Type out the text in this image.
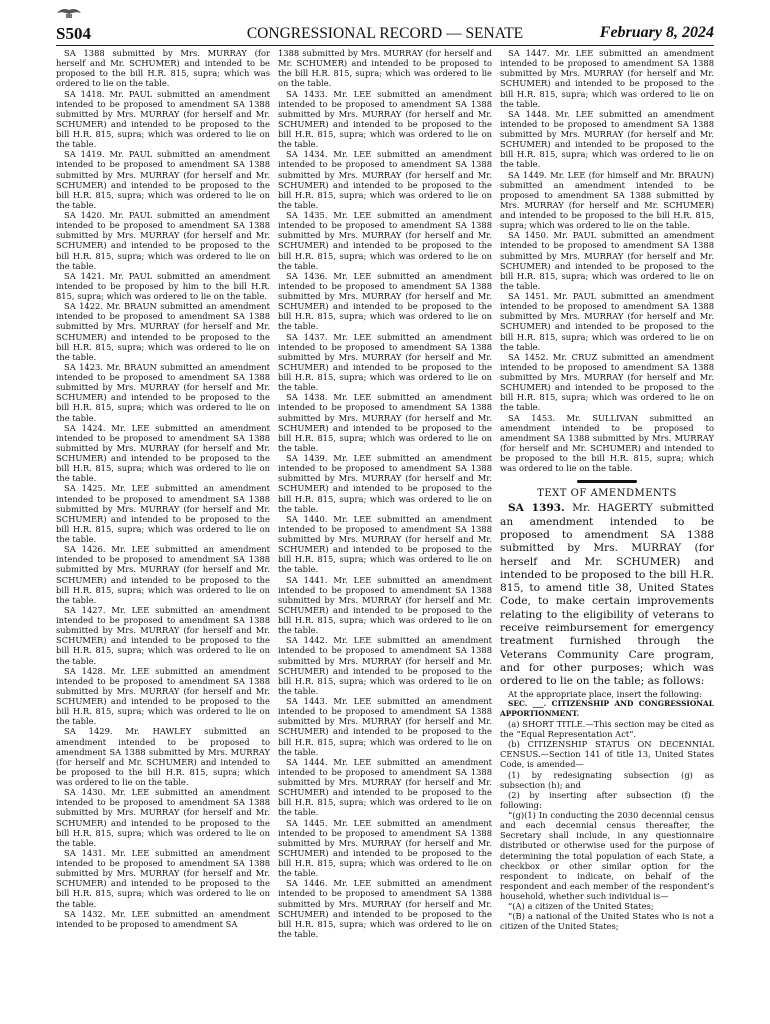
S504	CONGRESSIONAL RECORD — SENATE	February 8, 2024

SA 1388 submitted by Mrs. MURRAY (for herself and Mr. SCHUMER) and intended to be proposed to the bill H.R. 815, supra; which was ordered to lie on the table.

SA 1418. Mr. PAUL submitted an amendment intended to be proposed to amendment SA 1388 submitted by Mrs. MURRAY (for herself and Mr. SCHUMER) and intended to be proposed to the bill H.R. 815, supra; which was ordered to lie on the table.

SA 1419. Mr. PAUL submitted an amendment intended to be proposed to amendment SA 1388 submitted by Mrs. MURRAY (for herself and Mr. SCHUMER) and intended to be proposed to the bill H.R. 815, supra; which was ordered to lie on the table.

SA 1420. Mr. PAUL submitted an amendment intended to be proposed to amendment SA 1388 submitted by Mrs. MURRAY (for herself and Mr. SCHUMER) and intended to be proposed to the bill H.R. 815, supra; which was ordered to lie on the table.

SA 1421. Mr. PAUL submitted an amendment intended to be proposed by him to the bill H.R. 815, supra; which was ordered to lie on the table.

SA 1422. Mr. BRAUN submitted an amendment intended to be proposed to amendment SA 1388 submitted by Mrs. MURRAY (for herself and Mr. SCHUMER) and intended to be proposed to the bill H.R. 815, supra; which was ordered to lie on the table.

SA 1423. Mr. BRAUN submitted an amendment intended to be proposed to amendment SA 1388 submitted by Mrs. MURRAY (for herself and Mr. SCHUMER) and intended to be proposed to the bill H.R. 815, supra; which was ordered to lie on the table.

SA 1424. Mr. LEE submitted an amendment intended to be proposed to amendment SA 1388 submitted by Mrs. MURRAY (for herself and Mr. SCHUMER) and intended to be proposed to the bill H.R. 815, supra; which was ordered to lie on the table.

SA 1425. Mr. LEE submitted an amendment intended to be proposed to amendment SA 1388 submitted by Mrs. MURRAY (for herself and Mr. SCHUMER) and intended to be proposed to the bill H.R. 815, supra; which was ordered to lie on the table.

SA 1426. Mr. LEE submitted an amendment intended to be proposed to amendment SA 1388 submitted by Mrs. MURRAY (for herself and Mr. SCHUMER) and intended to be proposed to the bill H.R. 815, supra; which was ordered to lie on the table.

SA 1427. Mr. LEE submitted an amendment intended to be proposed to amendment SA 1388 submitted by Mrs. MURRAY (for herself and Mr. SCHUMER) and intended to be proposed to the bill H.R. 815, supra; which was ordered to lie on the table.

SA 1428. Mr. LEE submitted an amendment intended to be proposed to amendment SA 1388 submitted by Mrs. MURRAY (for herself and Mr. SCHUMER) and intended to be proposed to the bill H.R. 815, supra; which was ordered to lie on the table.

SA 1429. Mr. HAWLEY submitted an amendment intended to be proposed to amendment SA 1388 submitted by Mrs. MURRAY (for herself and Mr. SCHUMER) and intended to be proposed to the bill H.R. 815, supra; which was ordered to lie on the table.

SA 1430. Mr. LEE submitted an amendment intended to be proposed to amendment SA 1388 submitted by Mrs. MURRAY (for herself and Mr. SCHUMER) and intended to be proposed to the bill H.R. 815, supra; which was ordered to lie on the table.

SA 1431. Mr. LEE submitted an amendment intended to be proposed to amendment SA 1388 submitted by Mrs. MURRAY (for herself and Mr. SCHUMER) and intended to be proposed to the bill H.R. 815, supra; which was ordered to lie on the table.

SA 1432. Mr. LEE submitted an amendment intended to be proposed to amendment SA

1388 submitted by Mrs. MURRAY (for herself and Mr. SCHUMER) and intended to be proposed to the bill H.R. 815, supra; which was ordered to lie on the table.

SA 1433. Mr. LEE submitted an amendment intended to be proposed to amendment SA 1388 submitted by Mrs. MURRAY (for herself and Mr. SCHUMER) and intended to be proposed to the bill H.R. 815, supra; which was ordered to lie on the table.

SA 1434. Mr. LEE submitted an amendment intended to be proposed to amendment SA 1388 submitted by Mrs. MURRAY (for herself and Mr. SCHUMER) and intended to be proposed to the bill H.R. 815, supra; which was ordered to lie on the table.

SA 1435. Mr. LEE submitted an amendment intended to be proposed to amendment SA 1388 submitted by Mrs. MURRAY (for herself and Mr. SCHUMER) and intended to be proposed to the bill H.R. 815, supra; which was ordered to lie on the table.

SA 1436. Mr. LEE submitted an amendment intended to be proposed to amendment SA 1388 submitted by Mrs. MURRAY (for herself and Mr. SCHUMER) and intended to be proposed to the bill H.R. 815, supra; which was ordered to lie on the table.

SA 1437. Mr. LEE submitted an amendment intended to be proposed to amendment SA 1388 submitted by Mrs. MURRAY (for herself and Mr. SCHUMER) and intended to be proposed to the bill H.R. 815, supra; which was ordered to lie on the table.

SA 1438. Mr. LEE submitted an amendment intended to be proposed to amendment SA 1388 submitted by Mrs. MURRAY (for herself and Mr. SCHUMER) and intended to be proposed to the bill H.R. 815, supra; which was ordered to lie on the table.

SA 1439. Mr. LEE submitted an amendment intended to be proposed to amendment SA 1388 submitted by Mrs. MURRAY (for herself and Mr. SCHUMER) and intended to be proposed to the bill H.R. 815, supra; which was ordered to lie on the table.

SA 1440. Mr. LEE submitted an amendment intended to be proposed to amendment SA 1388 submitted by Mrs. MURRAY (for herself and Mr. SCHUMER) and intended to be proposed to the bill H.R. 815, supra; which was ordered to lie on the table.

SA 1441. Mr. LEE submitted an amendment intended to be proposed to amendment SA 1388 submitted by Mrs. MURRAY (for herself and Mr. SCHUMER) and intended to be proposed to the bill H.R. 815, supra; which was ordered to lie on the table.

SA 1442. Mr. LEE submitted an amendment intended to be proposed to amendment SA 1388 submitted by Mrs. MURRAY (for herself and Mr. SCHUMER) and intended to be proposed to the bill H.R. 815, supra; which was ordered to lie on the table.

SA 1443. Mr. LEE submitted an amendment intended to be proposed to amendment SA 1388 submitted by Mrs. MURRAY (for herself and Mr. SCHUMER) and intended to be proposed to the bill H.R. 815, supra; which was ordered to lie on the table.

SA 1444. Mr. LEE submitted an amendment intended to be proposed to amendment SA 1388 submitted by Mrs. MURRAY (for herself and Mr. SCHUMER) and intended to be proposed to the bill H.R. 815, supra; which was ordered to lie on the table.

SA 1445. Mr. LEE submitted an amendment intended to be proposed to amendment SA 1388 submitted by Mrs. MURRAY (for herself and Mr. SCHUMER) and intended to be proposed to the bill H.R. 815, supra; which was ordered to lie on the table.

SA 1446. Mr. LEE submitted an amendment intended to be proposed to amendment SA 1388 submitted by Mrs. MURRAY (for herself and Mr. SCHUMER) and intended to be proposed to the bill H.R. 815, supra; which was ordered to lie on the table.

SA 1447. Mr. LEE submitted an amendment intended to be proposed to amendment SA 1388 submitted by Mrs. MURRAY (for herself and Mr. SCHUMER) and intended to be proposed to the bill H.R. 815, supra; which was ordered to lie on the table.

SA 1448. Mr. LEE submitted an amendment intended to be proposed to amendment SA 1388 submitted by Mrs. MURRAY (for herself and Mr. SCHUMER) and intended to be proposed to the bill H.R. 815, supra; which was ordered to lie on the table.

SA 1449. Mr. LEE (for himself and Mr. BRAUN) submitted an amendment intended to be proposed to amendment SA 1388 submitted by Mrs. MURRAY (for herself and Mr. SCHUMER) and intended to be proposed to the bill H.R. 815, supra; which was ordered to lie on the table.

SA 1450. Mr. PAUL submitted an amendment intended to be proposed to amendment SA 1388 submitted by Mrs. MURRAY (for herself and Mr. SCHUMER) and intended to be proposed to the bill H.R. 815, supra; which was ordered to lie on the table.

SA 1451. Mr. PAUL submitted an amendment intended to be proposed to amendment SA 1388 submitted by Mrs. MURRAY (for herself and Mr. SCHUMER) and intended to be proposed to the bill H.R. 815, supra; which was ordered to lie on the table.

SA 1452. Mr. CRUZ submitted an amendment intended to be proposed to amendment SA 1388 submitted by Mrs. MURRAY (for herself and Mr. SCHUMER) and intended to be proposed to the bill H.R. 815, supra; which was ordered to lie on the table.

SA 1453. Mr. SULLIVAN submitted an amendment intended to be proposed to amendment SA 1388 submitted by Mrs. MURRAY (for herself and Mr. SCHUMER) and intended to be proposed to the bill H.R. 815, supra; which was ordered to lie on the table.

TEXT OF AMENDMENTS

SA 1393. Mr. HAGERTY submitted an amendment intended to be proposed to amendment SA 1388 submitted by Mrs. MURRAY (for herself and Mr. SCHUMER) and intended to be proposed to the bill H.R. 815, to amend title 38, United States Code, to make certain improvements relating to the eligibility of veterans to receive reimbursement for emergency treatment furnished through the Veterans Community Care program, and for other purposes; which was ordered to lie on the table; as follows:

At the appropriate place, insert the following:

SEC. ___. CITIZENSHIP AND CONGRESSIONAL APPORTIONMENT.

(a) SHORT TITLE.—This section may be cited as the “Equal Representation Act”.

(b) CITIZENSHIP STATUS ON DECENNIAL CENSUS.—Section 141 of title 13, United States Code, is amended—

(1) by redesignating subsection (g) as subsection (h); and

(2) by inserting after subsection (f) the following:

“(g)(1) In conducting the 2030 decennial census and each decennial census thereafter, the Secretary shall include, in any questionnaire distributed or otherwise used for the purpose of determining the total population of each State, a checkbox or other similar option for the respondent to indicate, on behalf of the respondent and each member of the respondent’s household, whether such individual is—

“(A) a citizen of the United States;

“(B) a national of the United States who is not a citizen of the United States;
